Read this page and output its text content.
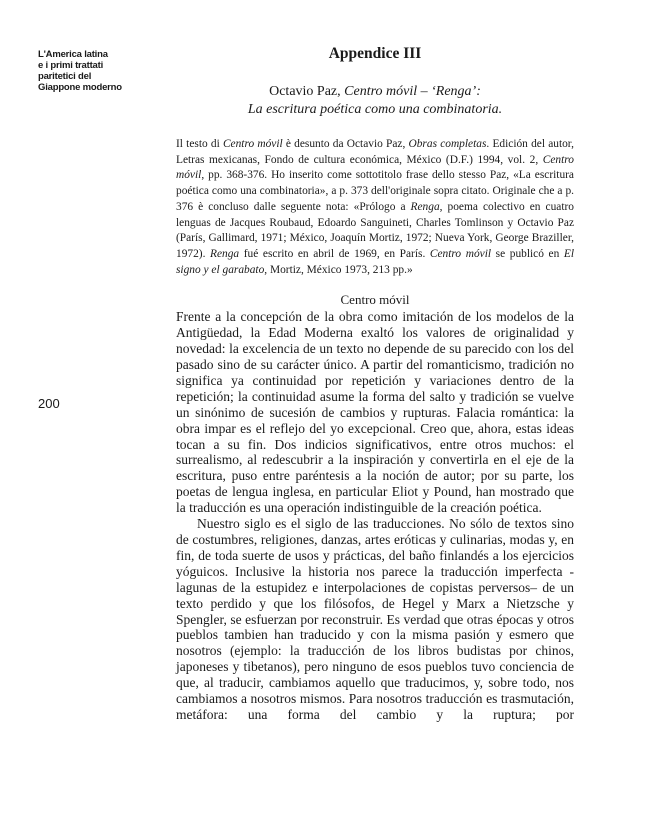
L'America latina
e i primi trattati
paritetici del
Giappone moderno
200
Appendice III
Octavio Paz, Centro móvil – ‘Renga’:
La escritura poética como una combinatoria.

Il testo di Centro móvil è desunto da Octavio Paz, Obras completas. Edición del autor, Letras mexicanas, Fondo de cultura económica, México (D.F.) 1994, vol. 2, Centro móvil, pp. 368-376. Ho inserito come sottotitolo frase dello stesso Paz, «La escritura poética como una combinatoria», a p. 373 dell'originale sopra citato. Originale che a p. 376 è concluso dalle seguente nota: «Prólogo a Renga, poema colectivo en cuatro lenguas de Jacques Roubaud, Edoardo Sanguineti, Charles Tomlinson y Octavio Paz (París, Gallimard, 1971; México, Joaquín Mortiz, 1972; Nueva York, George Braziller, 1972). Renga fué escrito en abril de 1969, en París. Centro móvil se publicó en El signo y el garabato, Mortiz, México 1973, 213 pp.»

Centro móvil

Frente a la concepción de la obra como imitación de los modelos de la Antigüedad, la Edad Moderna exaltó los valores de originalidad y novedad: la excelencia de un texto no depende de su parecido con los del pasado sino de su carácter único. A partir del romanticismo, tradición no significa ya continuidad por repetición y variaciones dentro de la repetición; la continuidad asume la forma del salto y tradición se vuelve un sinónimo de sucesión de cambios y rupturas. Falacia romántica: la obra impar es el reflejo del yo excepcional. Creo que, ahora, estas ideas tocan a su fin. Dos indicios significativos, entre otros muchos: el surrealismo, al redescubrir a la inspiración y convertirla en el eje de la escritura, puso entre paréntesis a la noción de autor; por su parte, los poetas de lengua inglesa, en particular Eliot y Pound, han mostrado que la traducción es una operación indistinguible de la creación poética.

Nuestro siglo es el siglo de las traducciones. No sólo de textos sino de costumbres, religiones, danzas, artes eróticas y culinarias, modas y, en fin, de toda suerte de usos y prácticas, del baño finlandés a los ejercicios yóguicos. Inclusive la historia nos parece la traducción imperfecta -lagunas de la estupidez e interpolaciones de copistas perversos– de un texto perdido y que los filósofos, de Hegel y Marx a Nietzsche y Spengler, se esfuerzan por reconstruir. Es verdad que otras épocas y otros pueblos tambien han traducido y con la misma pasión y esmero que nosotros (ejemplo: la traducción de los libros budistas por chinos, japoneses y tibetanos), pero ninguno de esos pueblos tuvo conciencia de que, al traducir, cambiamos aquello que traducimos, y, sobre todo, nos cambiamos a nosotros mismos. Para nosotros traducción es trasmutación, metáfora: una forma del cambio y la ruptura; por
